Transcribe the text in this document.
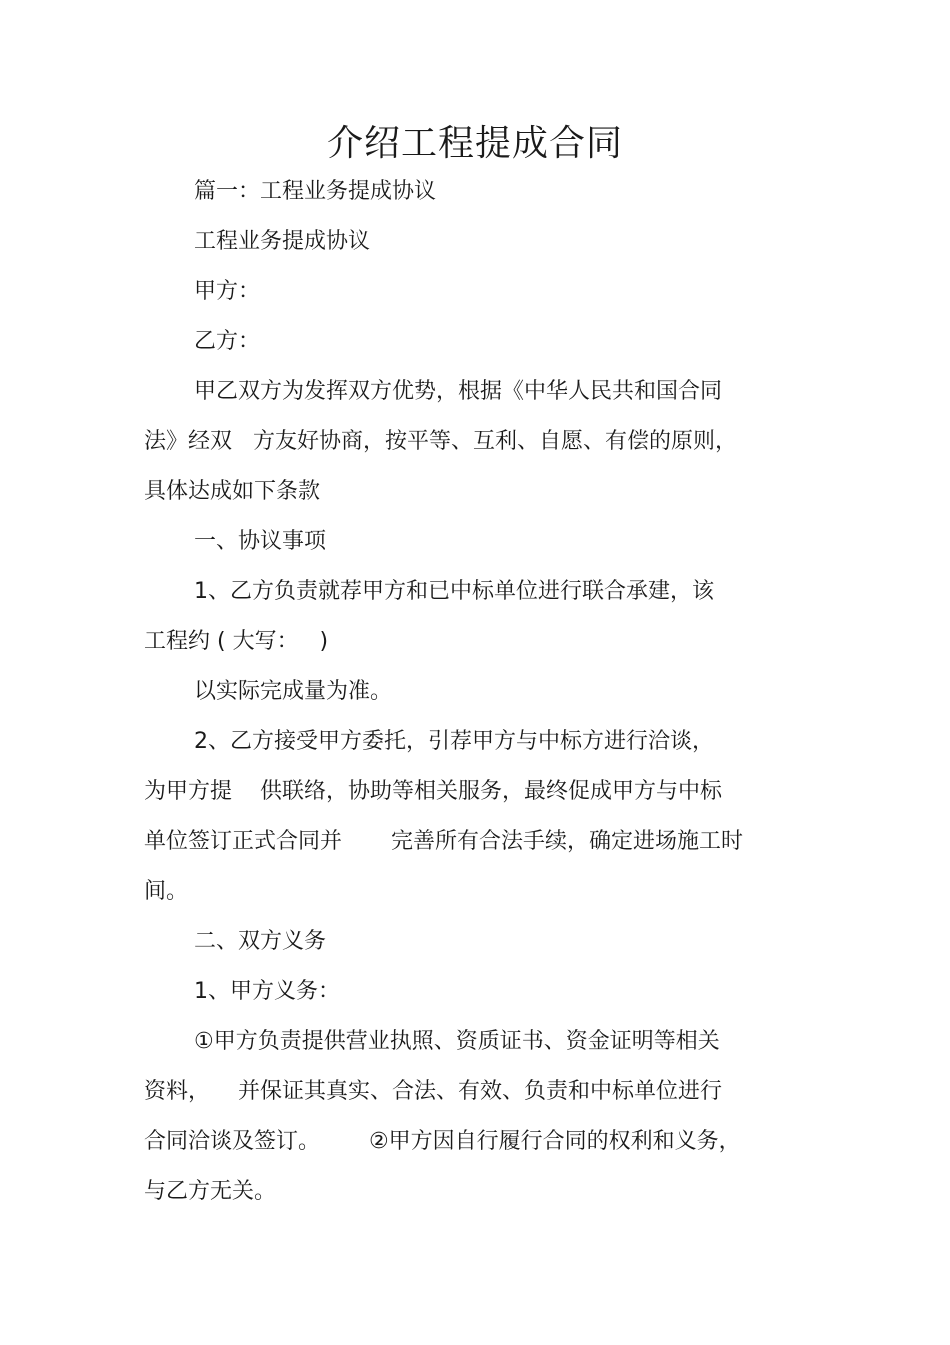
介绍工程提成合同

篇一：工程业务提成协议

工程业务提成协议

甲方：

乙方：

甲乙双方为发挥双方优势，根据《中华人民共和国合同

法》经双   方友好协商，按平等、互利、自愿、有偿的原则，

具体达成如下条款

一、协议事项

1、乙方负责就荐甲方和已中标单位进行联合承建，该

工程约 ( 大写：   )

以实际完成量为准。

2、乙方接受甲方委托，引荐甲方与中标方进行洽谈，

为甲方提    供联络，协助等相关服务，最终促成甲方与中标

单位签订正式合同并       完善所有合法手续，确定进场施工时

间。

二、双方义务

1、甲方义务：

①甲方负责提供营业执照、资质证书、资金证明等相关

资料，    并保证其真实、合法、有效、负责和中标单位进行

合同洽谈及签订。       ②甲方因自行履行合同的权利和义务，

与乙方无关。
